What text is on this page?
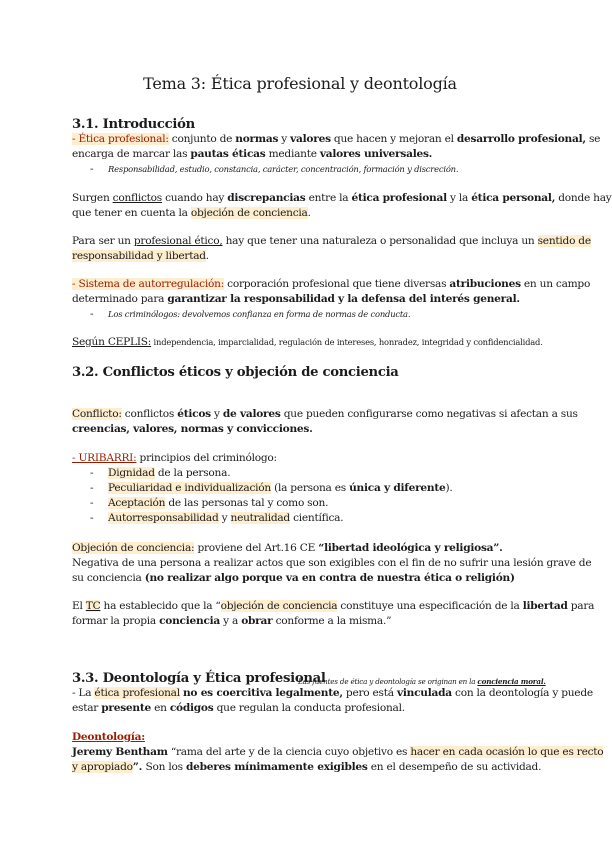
Tema 3: Ética profesional y deontología
3.1. Introducción
- Ética profesional: conjunto de normas y valores que hacen y mejoran el desarrollo profesional, se
encarga de marcar las pautas éticas mediante valores universales.
- Responsabilidad, estudio, constancia, carácter, concentración, formación y discreción.
Surgen conflictos cuando hay discrepancias entre la ética profesional y la ética personal, donde hay
que tener en cuenta la objeción de conciencia.
Para ser un profesional ético, hay que tener una naturaleza o personalidad que incluya un sentido de
responsabilidad y libertad.
- Sistema de autorregulación: corporación profesional que tiene diversas atribuciones en un campo
determinado para garantizar la responsabilidad y la defensa del interés general.
- Los criminólogos: devolvemos confianza en forma de normas de conducta.
Según CEPLIS: independencia, imparcialidad, regulación de intereses, honradez, integridad y confidencialidad.
3.2. Conflictos éticos y objeción de conciencia
Conflicto: conflictos éticos y de valores que pueden configurarse como negativas si afectan a sus
creencias, valores, normas y convicciones.
- URIBARRI: principios del criminólogo:
- Dignidad de la persona.
- Peculiaridad e individualización (la persona es única y diferente).
- Aceptación de las personas tal y como son.
- Autorresponsabilidad y neutralidad científica.
Objeción de conciencia: proviene del Art.16 CE “libertad ideológica y religiosa”.
Negativa de una persona a realizar actos que son exigibles con el fin de no sufrir una lesión grave de
su conciencia (no realizar algo porque va en contra de nuestra ética o religión)
El TC ha establecido que la “objeción de conciencia constituye una especificación de la libertad para
formar la propia conciencia y a obrar conforme a la misma.”
3.3. Deontología y Ética profesional
Las fuentes de ética y deontología se originan en la conciencia moral.
- La ética profesional no es coercitiva legalmente, pero está vinculada con la deontología y puede
estar presente en códigos que regulan la conducta profesional.
Deontología:
Jeremy Bentham “rama del arte y de la ciencia cuyo objetivo es hacer en cada ocasión lo que es recto
y apropiado”. Son los deberes mínimamente exigibles en el desempeño de su actividad.
